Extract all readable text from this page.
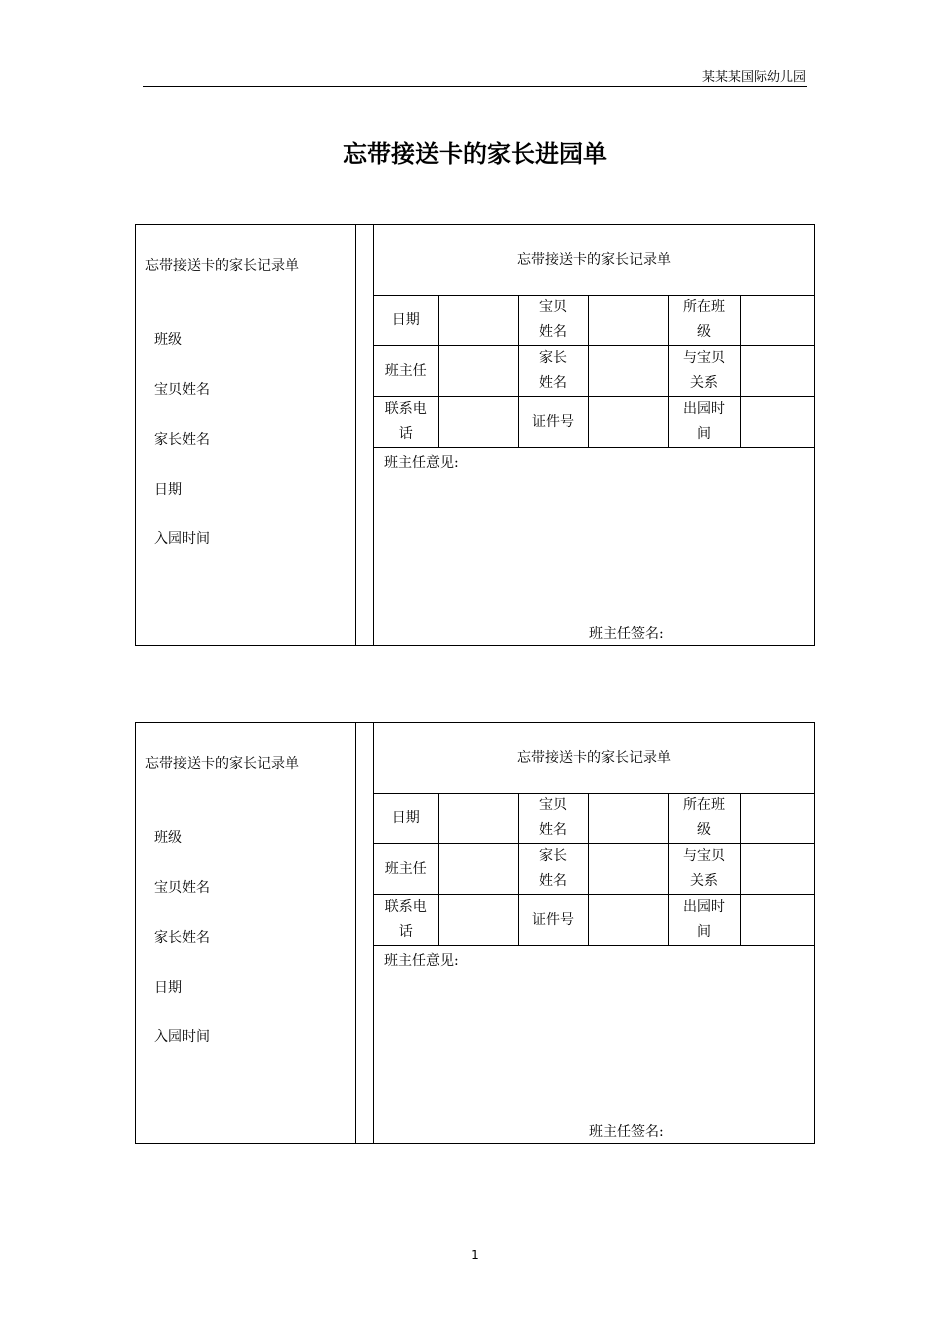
某某某国际幼儿园
忘带接送卡的家长进园单
忘带接送卡的家长记录单
班级
宝贝姓名
家长姓名
日期
入园时间
忘带接送卡的家长记录单
日期		宝贝姓名		所在班级	

班主任		家长姓名		与宝贝关系	

联系电话		证件号		出园时间	

班主任意见:
班主任签名:
忘带接送卡的家长记录单
班级
宝贝姓名
家长姓名
日期
入园时间
忘带接送卡的家长记录单
日期		宝贝姓名		所在班级	

班主任		家长姓名		与宝贝关系	

联系电话		证件号		出园时间	

班主任意见:
班主任签名:
1
